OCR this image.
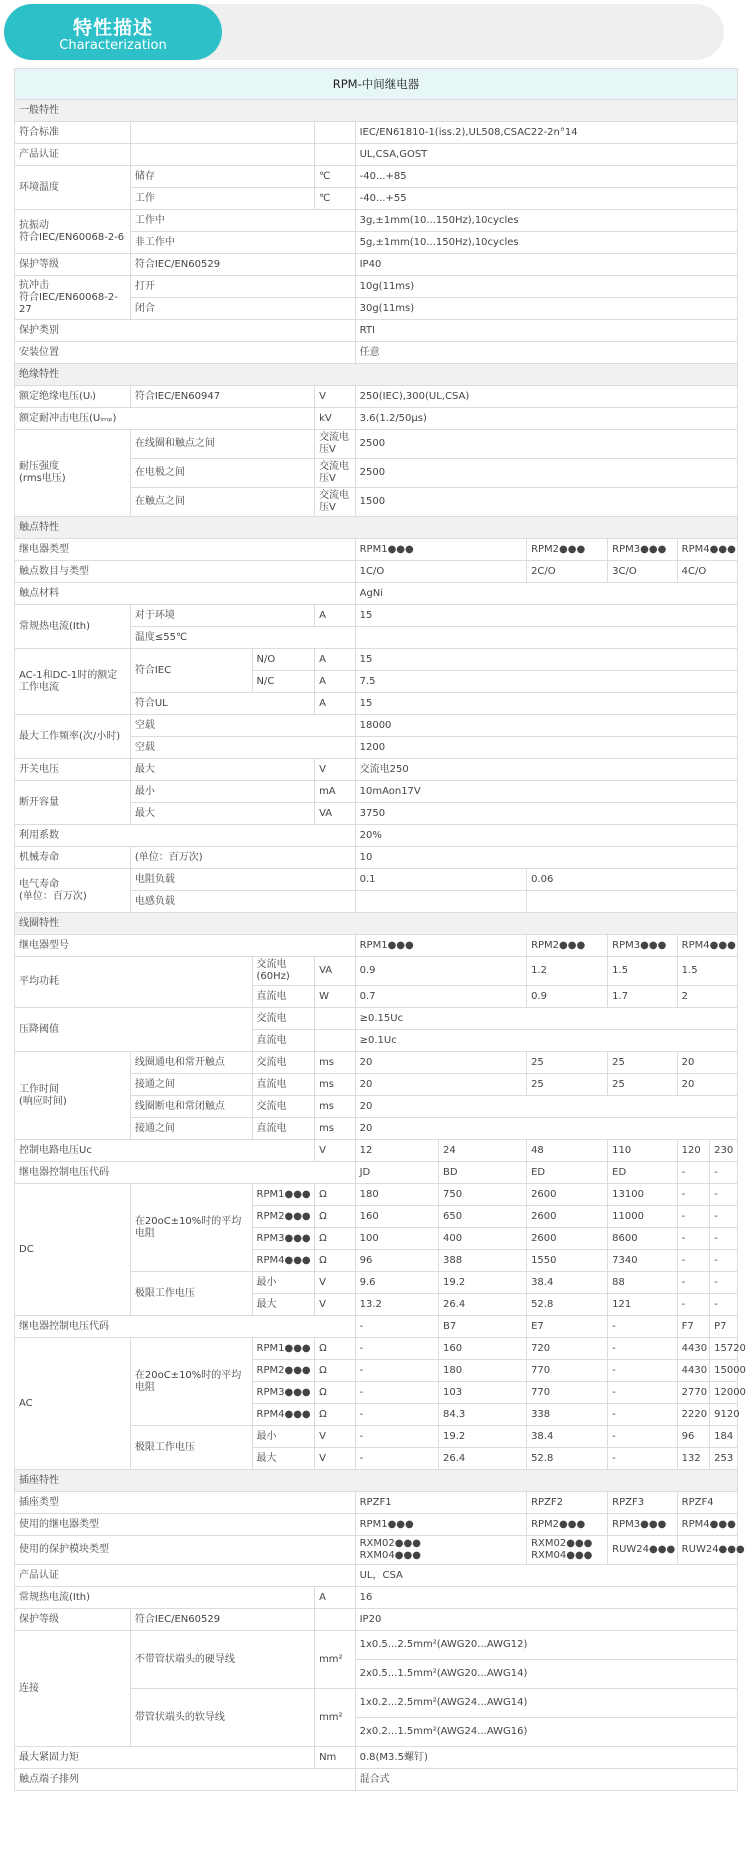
特性描述
Characterization
RPM-中间继电器									
一般特性									
符合标准				IEC/EN61810-1(iss.2),UL508,CSAC22-2n°14					
产品认证				UL,CSA,GOST					
环境温度	储存		℃	-40...+85					
	工作		℃	-40...+55					
抗振动
符合IEC/EN60068-2-6	工作中			3g,±1mm(10...150Hz),10cycles					
	非工作中			5g,±1mm(10...150Hz),10cycles					
保护等级	符合IEC/EN60529			IP40					
抗冲击
符合IEC/EN60068-2-27	打开			10g(11ms)					
	闭合			30g(11ms)					
保护类别				RTI					
安装位置				任意					
绝缘特性									
额定绝缘电压(Uᵢ)	符合IEC/EN60947		V	250(IEC),300(UL,CSA)					
额定耐冲击电压(Uᵢₘₚ)			kV	3.6(1.2/50μs)					
耐压强度
(rms电压)	在线圈和触点之间		交流电压V	2500					
	在电极之间		交流电压V	2500					
	在触点之间		交流电压V	1500					
触点特性									
继电器类型				RPM1●●●		RPM2●●●	RPM3●●●	RPM4●●●	
触点数目与类型				1C/O		2C/O	3C/O	4C/O	
触点材料				AgNi					
常规热电流(Ith)	对于环境		A	15					
	温度≤55℃								
AC-1和DC-1时的额定工作电流	符合IEC	N/O	A	15					
		N/C	A	7.5					
	符合UL		A	15					
最大工作频率(次/小时)	空载			18000					
	空载			1200					
开关电压	最大		V	交流电250					
断开容量	最小		mA	10mAon17V					
	最大		VA	3750					
利用系数				20%					
机械寿命	(单位：百万次)			10					
电气寿命
(单位：百万次)	电阻负载			0.1		0.06			
	电感负载								
线圈特性									
继电器型号				RPM1●●●		RPM2●●●	RPM3●●●	RPM4●●●	
平均功耗		交流电(60Hz)	VA	0.9		1.2	1.5	1.5	
		直流电	W	0.7		0.9	1.7	2	
压降阈值		交流电		≥0.15Uc					
		直流电		≥0.1Uc					
工作时间
(响应时间)	线圈通电和常开触点	交流电	ms	20		25	25	20	
	接通之间	直流电	ms	20		25	25	20	
	线圈断电和常闭触点	交流电	ms	20					
	接通之间	直流电	ms	20					
控制电路电压Uc			V	12	24	48	110	120	230
继电器控制电压代码				JD	BD	ED	ED	-	-
DC	在20oC±10%时的平均电阻	RPM1●●●	Ω	180	750	2600	13100	-	-
		RPM2●●●	Ω	160	650	2600	11000	-	-
		RPM3●●●	Ω	100	400	2600	8600	-	-
		RPM4●●●	Ω	96	388	1550	7340	-	-
	极限工作电压	最小	V	9.6	19.2	38.4	88	-	-
		最大	V	13.2	26.4	52.8	121	-	-
继电器控制电压代码				-	B7	E7	-	F7	P7
AC	在20oC±10%时的平均电阻	RPM1●●●	Ω	-	160	720	-	4430	15720
		RPM2●●●	Ω	-	180	770	-	4430	15000
		RPM3●●●	Ω	-	103	770	-	2770	12000
		RPM4●●●	Ω	-	84.3	338	-	2220	9120
	极限工作电压	最小	V	-	19.2	38.4	-	96	184
		最大	V	-	26.4	52.8	-	132	253
插座特性									
插座类型				RPZF1		RPZF2	RPZF3	RPZF4	
使用的继电器类型				RPM1●●●		RPM2●●●	RPM3●●●	RPM4●●●	
使用的保护模块类型				RXM02●●●
RXM04●●●		RXM02●●●
RXM04●●●	RUW24●●●	RUW24●●●	
产品认证				UL，CSA					
常规热电流(Ith)			A	16					
保护等级	符合IEC/EN60529			IP20					
连接	不带管状端头的硬导线		mm²	1x0.5...2.5mm²(AWG20...AWG12)					
				2x0.5...1.5mm²(AWG20...AWG14)					
	带管状端头的软导线		mm²	1x0.2...2.5mm²(AWG24...AWG14)					
				2x0.2...1.5mm²(AWG24...AWG16)					
最大紧固力矩			Nm	0.8(M3.5螺钉)					
触点端子排列				混合式					
